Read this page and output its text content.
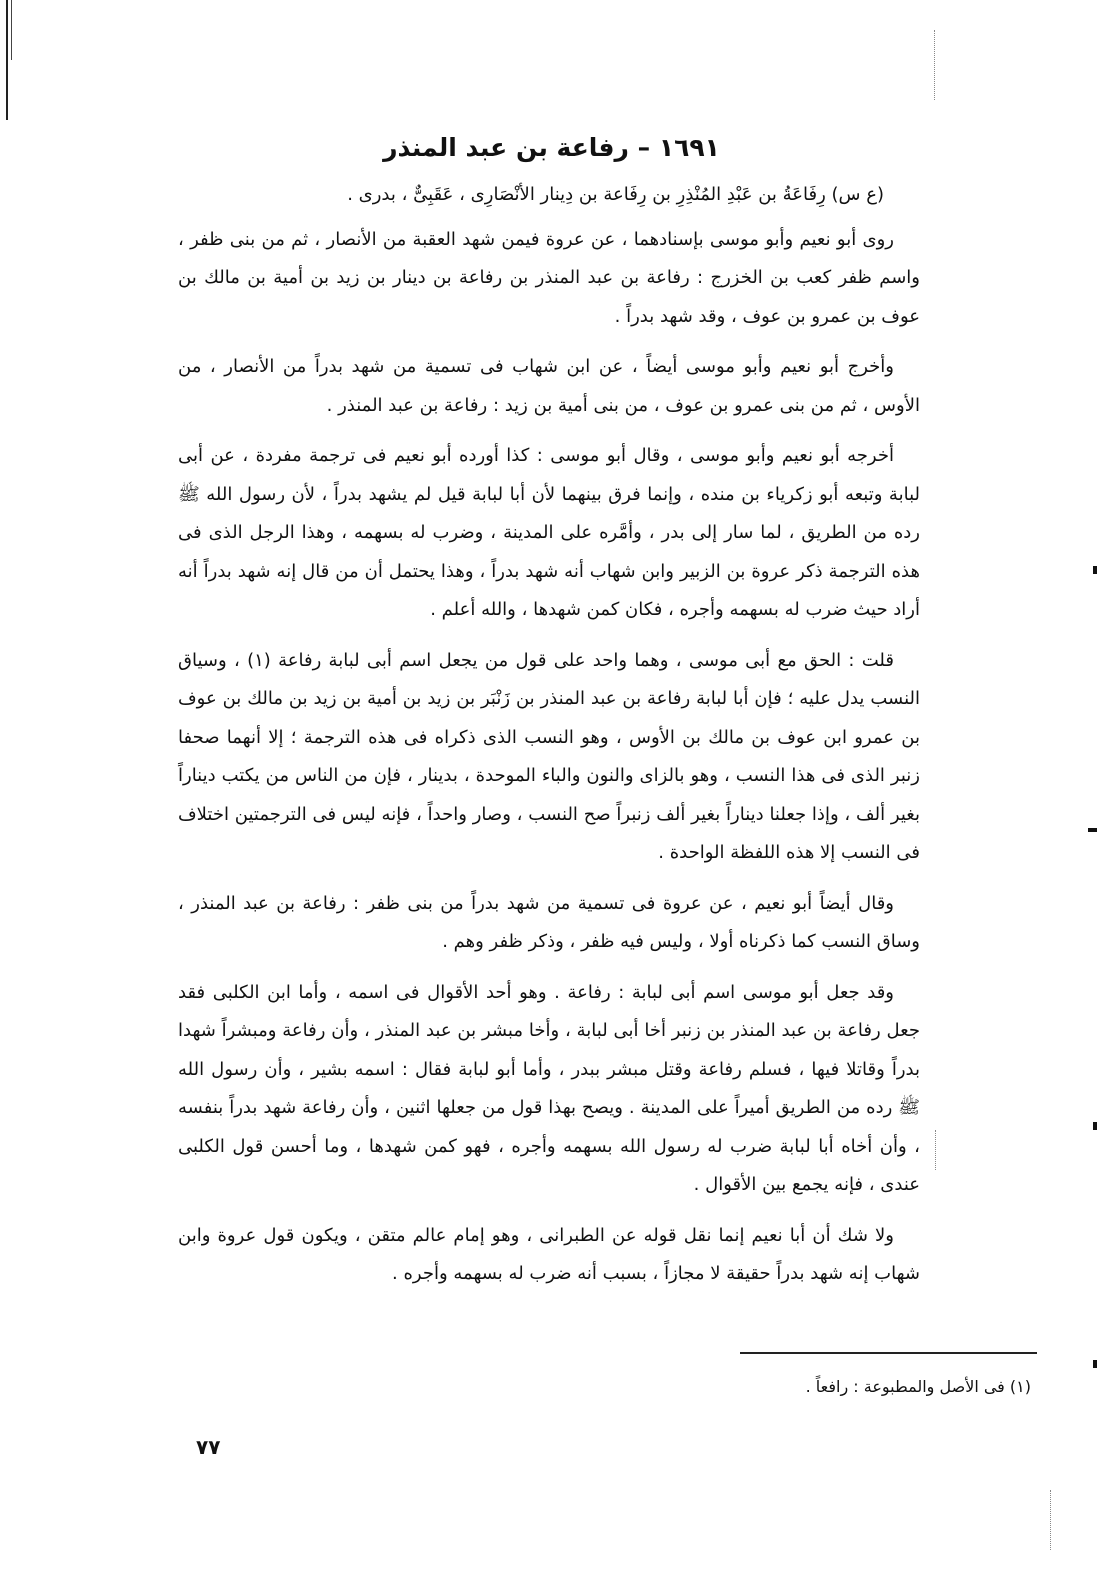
١٦٩١ – رفاعة بن عبد المنذر

(ع س) رِفَاعَةُ بن عَبْدِ المُنْذِرِ بن رِفَاعة بن دِينار الأنْصَارِى ، عَقَبِىٌّ ، بدرى .

روى أبو نعيم وأبو موسى بإسنادهما ، عن عروة فيمن شهد العقبة من الأنصار ، ثم من بنى ظفر ، واسم ظفر كعب بن الخزرج : رفاعة بن عبد المنذر بن رفاعة بن دينار بن زيد بن أمية بن مالك بن عوف بن عمرو بن عوف ، وقد شهد بدراً .

وأخرج أبو نعيم وأبو موسى أيضاً ، عن ابن شهاب فى تسمية من شهد بدراً من الأنصار ، من الأوس ، ثم من بنى عمرو بن عوف ، من بنى أمية بن زيد : رفاعة بن عبد المنذر .

أخرجه أبو نعيم وأبو موسى ، وقال أبو موسى : كذا أورده أبو نعيم فى ترجمة مفردة ، عن أبى لبابة وتبعه أبو زكرياء بن منده ، وإنما فرق بينهما لأن أبا لبابة قيل لم يشهد بدراً ، لأن رسول الله ﷺ رده من الطريق ، لما سار إلى بدر ، وأمَّره على المدينة ، وضرب له بسهمه ، وهذا الرجل الذى فى هذه الترجمة ذكر عروة بن الزبير وابن شهاب أنه شهد بدراً ، وهذا يحتمل أن من قال إنه شهد بدراً أنه أراد حيث ضرب له بسهمه وأجره ، فكان كمن شهدها ، والله أعلم .

قلت : الحق مع أبى موسى ، وهما واحد على قول من يجعل اسم أبى لبابة رفاعة (١) ، وسياق النسب يدل عليه ؛ فإن أبا لبابة رفاعة بن عبد المنذر بن زَنْبَر بن زيد بن أمية بن زيد بن مالك بن عوف بن عمرو ابن عوف بن مالك بن الأوس ، وهو النسب الذى ذكراه فى هذه الترجمة ؛ إلا أنهما صحفا زنبر الذى فى هذا النسب ، وهو بالزاى والنون والباء الموحدة ، بدينار ، فإن من الناس من يكتب ديناراً بغير ألف ، وإذا جعلنا ديناراً بغير ألف زنبراً صح النسب ، وصار واحداً ، فإنه ليس فى الترجمتين اختلاف فى النسب إلا هذه اللفظة الواحدة .

وقال أيضاً أبو نعيم ، عن عروة فى تسمية من شهد بدراً من بنى ظفر : رفاعة بن عبد المنذر ، وساق النسب كما ذكرناه أولا ، وليس فيه ظفر ، وذكر ظفر وهم .

وقد جعل أبو موسى اسم أبى لبابة : رفاعة . وهو أحد الأقوال فى اسمه ، وأما ابن الكلبى فقد جعل رفاعة بن عبد المنذر بن زنبر أخا أبى لبابة ، وأخا مبشر بن عبد المنذر ، وأن رفاعة ومبشراً شهدا بدراً وقاتلا فيها ، فسلم رفاعة وقتل مبشر ببدر ، وأما أبو لبابة فقال : اسمه بشير ، وأن رسول الله ﷺ رده من الطريق أميراً على المدينة . ويصح بهذا قول من جعلها اثنين ، وأن رفاعة شهد بدراً بنفسه ، وأن أخاه أبا لبابة ضرب له رسول الله بسهمه وأجره ، فهو كمن شهدها ، وما أحسن قول الكلبى عندى ، فإنه يجمع بين الأقوال .

ولا شك أن أبا نعيم إنما نقل قوله عن الطبرانى ، وهو إمام عالم متقن ، ويكون قول عروة وابن شهاب إنه شهد بدراً حقيقة لا مجازاً ، بسبب أنه ضرب له بسهمه وأجره .

(١) فى الأصل والمطبوعة : رافعاً .
٧٧
